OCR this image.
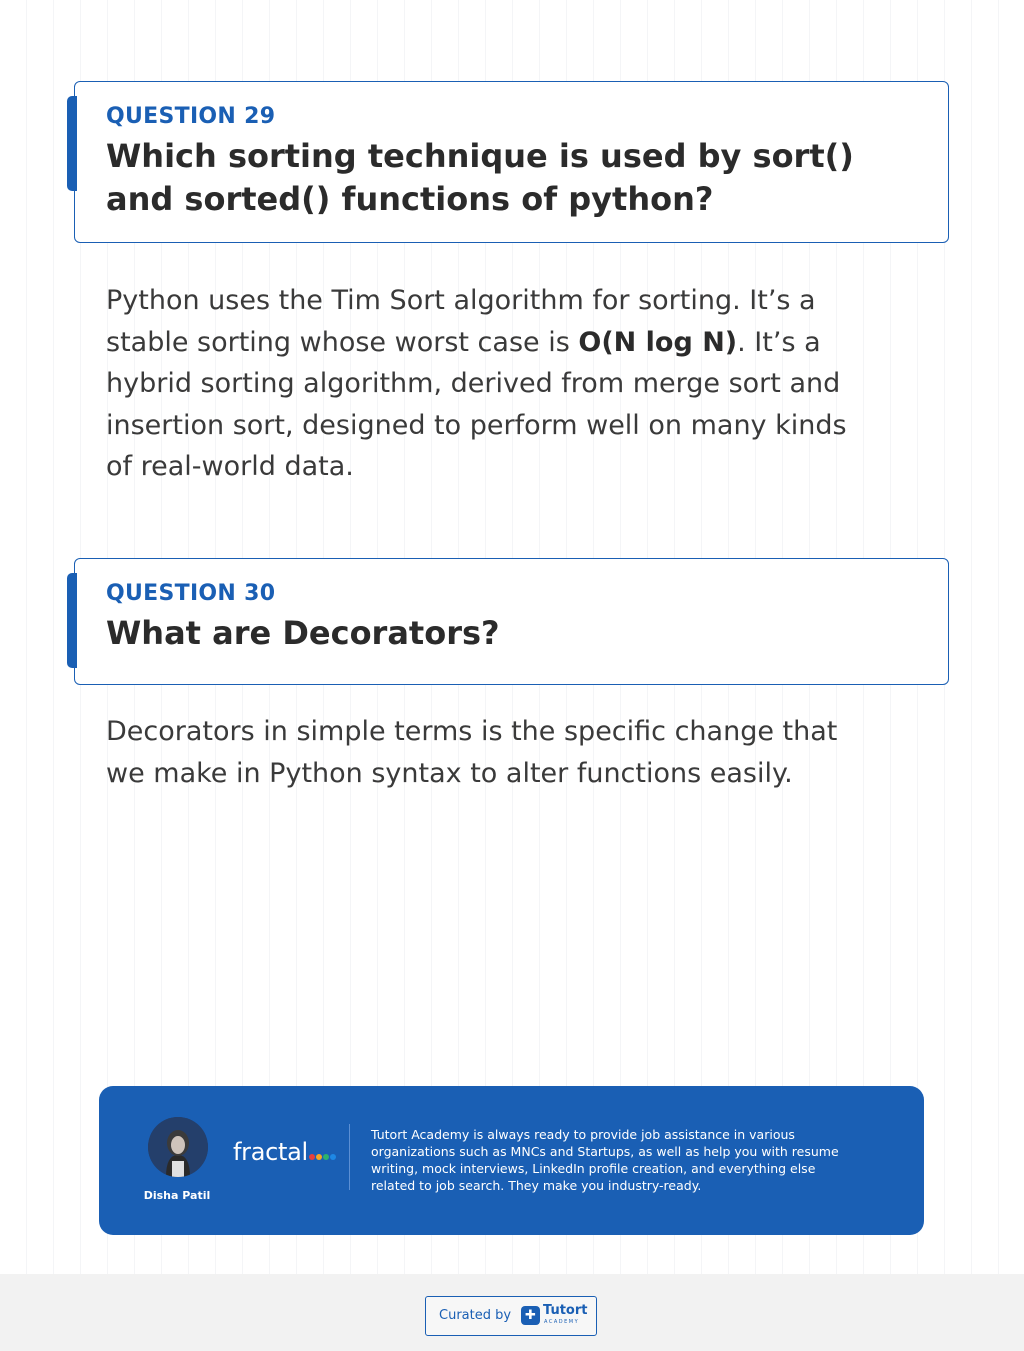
QUESTION 29
Which sorting technique is used by sort()
and sorted() functions of python?
Python uses the Tim Sort algorithm for sorting. It’s a
stable sorting whose worst case is O(N log N). It’s a
hybrid sorting algorithm, derived from merge sort and
insertion sort, designed to perform well on many kinds
of real-world data.
QUESTION 30
What are Decorators?
Decorators in simple terms is the specific change that
we make in Python syntax to alter functions easily.
Disha Patil
fractal
Tutort Academy is always ready to provide job assistance in various
organizations such as MNCs and Startups, as well as help you with resume
writing, mock interviews, LinkedIn profile creation, and everything else
related to job search. They make you industry-ready.
Curated by	✚ Tutort
ACADEMY
